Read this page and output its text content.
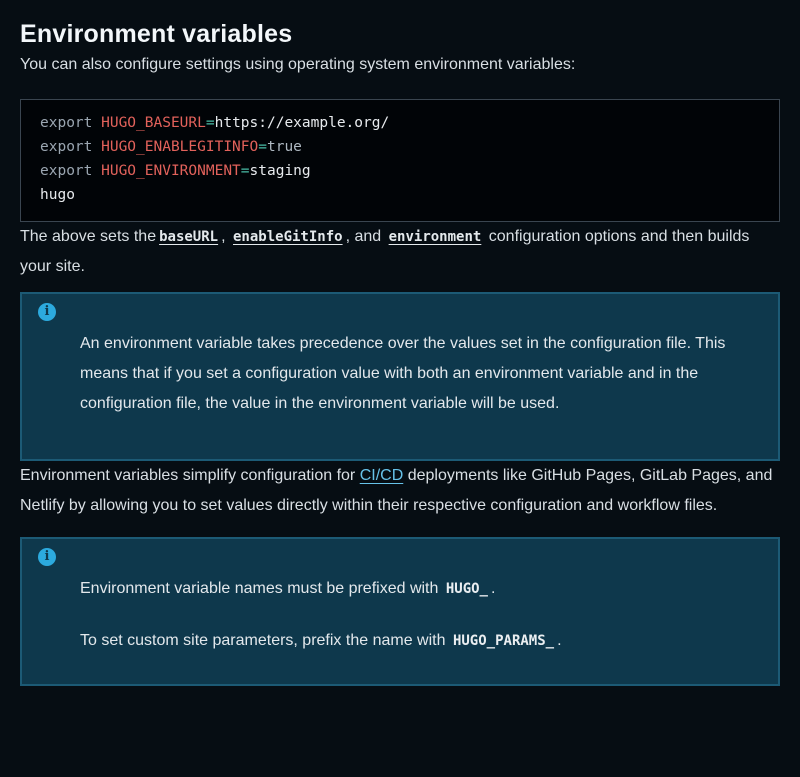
Environment variables

You can also configure settings using operating system environment variables:

export HUGO_BASEURL=https://example.org/
export HUGO_ENABLEGITINFO=true
export HUGO_ENVIRONMENT=staging
hugo

The above sets the baseURL , enableGitInfo , and environment configuration options and then builds your site.

i

An environment variable takes precedence over the values set in the configuration file. This means that if you set a configuration value with both an environment variable and in the configuration file, the value in the environment variable will be used.

Environment variables simplify configuration for CI/CD deployments like GitHub Pages, GitLab Pages, and Netlify by allowing you to set values directly within their respective configuration and workflow files.

i

Environment variable names must be prefixed with HUGO_ .

To set custom site parameters, prefix the name with HUGO_PARAMS_ .
